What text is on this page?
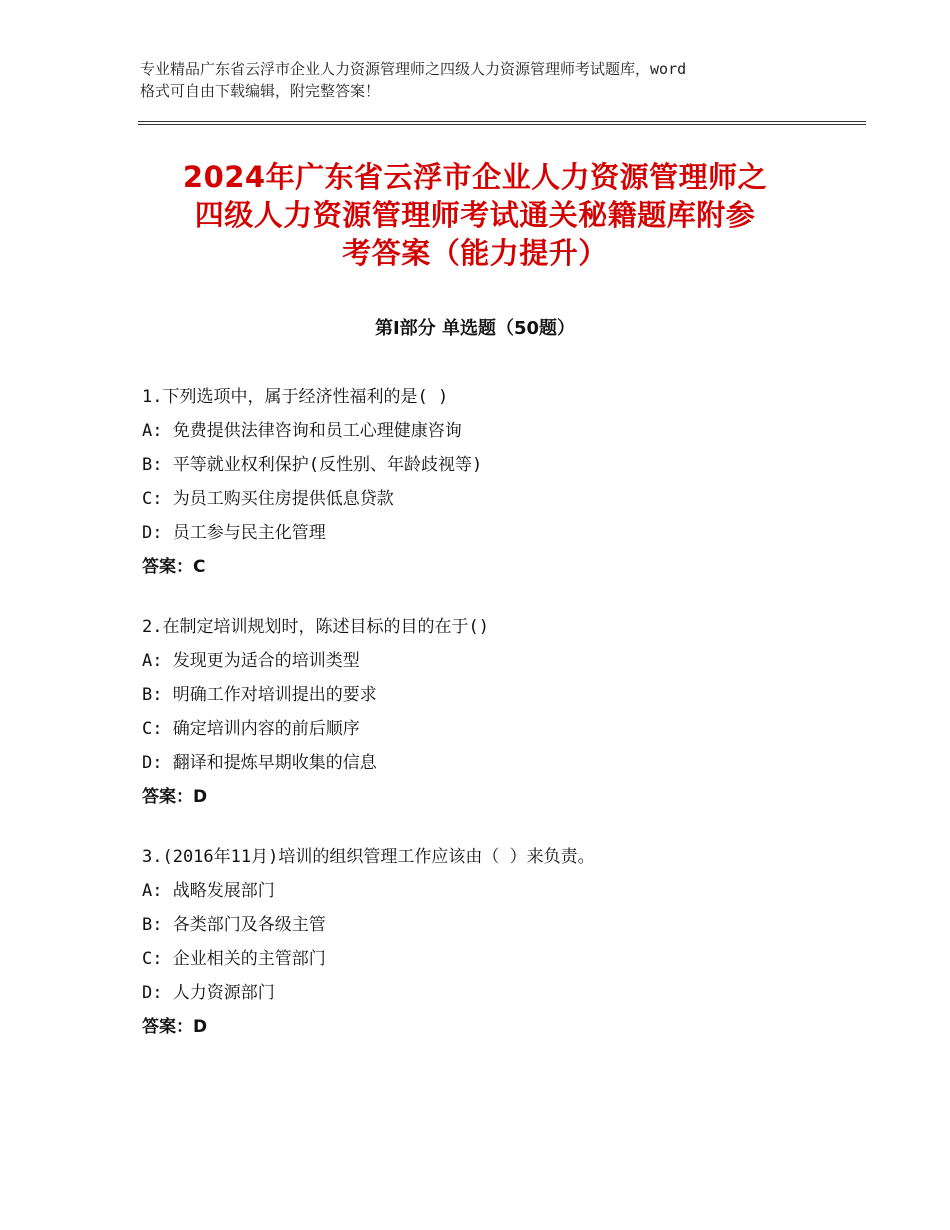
专业精品广东省云浮市企业人力资源管理师之四级人力资源管理师考试题库，word
格式可自由下载编辑，附完整答案！
2024年广东省云浮市企业人力资源管理师之
四级人力资源管理师考试通关秘籍题库附参
考答案（能力提升）
第Ⅰ部分 单选题（50题）
1.下列选项中，属于经济性福利的是( )
A: 免费提供法律咨询和员工心理健康咨询
B: 平等就业权利保护(反性别、年龄歧视等)
C: 为员工购买住房提供低息贷款
D: 员工参与民主化管理
答案：C
2.在制定培训规划时，陈述目标的目的在于()
A: 发现更为适合的培训类型
B: 明确工作对培训提出的要求
C: 确定培训内容的前后顺序
D: 翻译和提炼早期收集的信息
答案：D
3.(2016年11月)培训的组织管理工作应该由（ ）来负责。
A: 战略发展部门
B: 各类部门及各级主管
C: 企业相关的主管部门
D: 人力资源部门
答案：D
